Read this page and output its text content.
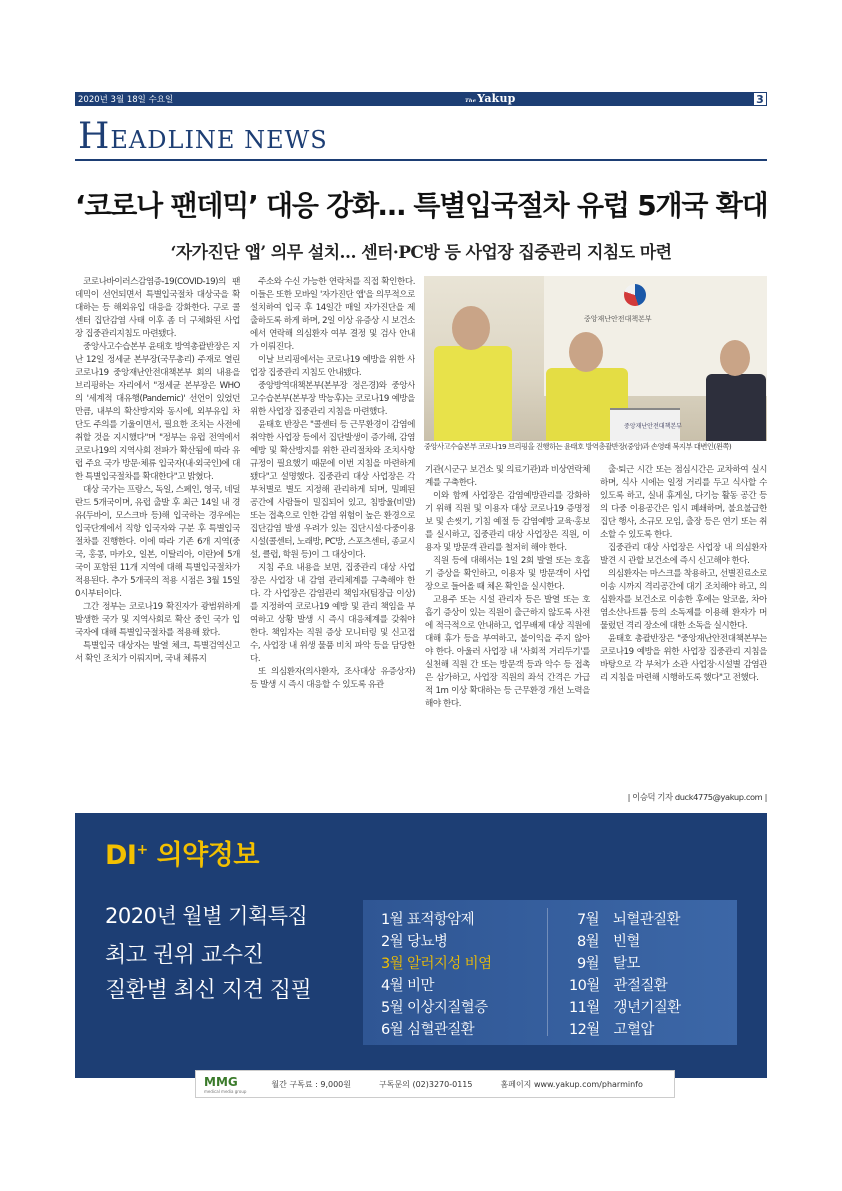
2020년 3월 18일 수요일	TheYakup	3
HEADLINE NEWS
‘코로나 팬데믹’ 대응 강화… 특별입국절차 유럽 5개국 확대
‘자가진단 앱’ 의무 설치… 센터·PC방 등 사업장 집중관리 지침도 마련

코로나바이러스감염증-19(COVID-19)의 팬데믹이 선언되면서 특별입국절차 대상국을 확대하는 등 해외유입 대응을 강화한다. 구로 콜센터 집단감염 사태 이후 좀 더 구체화된 사업장 집중관리지침도 마련됐다.

중앙사고수습본부 윤태호 방역총괄반장은 지난 12일 정세균 본부장(국무총리) 주재로 열린 코로나19 중앙재난안전대책본부 회의 내용을 브리핑하는 자리에서 "정세균 본부장은 WHO의 '세계적 대유행(Pandemic)' 선언이 있었던 만큼, 내부의 확산방지와 동시에, 외부유입 차단도 주의를 기울이면서, 필요한 조치는 사전에 취할 것을 지시했다"며 "정부는 유럽 전역에서 코로나19의 지역사회 전파가 확산됨에 따라 유럽 주요 국가 방문·체류 입국자(내·외국인)에 대한 특별입국절차를 확대한다"고 밝혔다.

대상 국가는 프랑스, 독일, 스페인, 영국, 네덜란드 5개국이며, 유럽 출발 후 최근 14일 내 경유(두바이, 모스크바 등)해 입국하는 경우에는 입국단계에서 직항 입국자와 구분 후 특별입국절차를 진행한다. 이에 따라 기존 6개 지역(중국, 홍콩, 마카오, 일본, 이탈리아, 이란)에 5개국이 포함된 11개 지역에 대해 특별입국절차가 적용된다. 추가 5개국의 적용 시점은 3월 15일 0시부터이다.

그간 정부는 코로나19 확진자가 광범위하게 발생한 국가 및 지역사회로 확산 중인 국가 입국자에 대해 특별입국절차를 적용해 왔다.

특별입국 대상자는 발열 체크, 특별검역신고서 확인 조치가 이뤄지며, 국내 체류지

주소와 수신 가능한 연락처를 직접 확인한다. 이들은 또한 모바일 '자가진단 앱'을 의무적으로 설치하여 입국 후 14일간 매일 자가진단을 제출하도록 하게 하며, 2일 이상 유증상 시 보건소에서 연락해 의심환자 여부 결정 및 검사 안내가 이뤄진다.

이날 브리핑에서는 코로나19 예방을 위한 사업장 집중관리 지침도 안내됐다.

중앙방역대책본부(본부장 정은경)와 중앙사고수습본부(본부장 박능후)는 코로나19 예방을 위한 사업장 집중관리 지침을 마련했다.

윤태호 반장은 "콜센터 등 근무환경이 감염에 취약한 사업장 등에서 집단발생이 증가해, 감염 예방 및 확산방지를 위한 관리절차와 조치사항 규정이 필요했기 때문에 이번 지침을 마련하게 됐다"고 설명했다. 집중관리 대상 사업장은 각 부처별로 별도 지정해 관리하게 되며, 밀폐된 공간에 사람들이 밀집되어 있고, 침방울(비말) 또는 접촉으로 인한 감염 위험이 높은 환경으로 집단감염 발생 우려가 있는 집단시설·다중이용시설(콜센터, 노래방, PC방, 스포츠센터, 종교시설, 클럽, 학원 등)이 그 대상이다.

지침 주요 내용을 보면, 집중관리 대상 사업장은 사업장 내 감염 관리체계를 구축해야 한다. 각 사업장은 감염관리 책임자(팀장급 이상)를 지정하여 코로나19 예방 및 관리 책임을 부여하고 상황 발생 시 즉시 대응체계를 갖춰야 한다. 책임자는 직원 증상 모니터링 및 신고접수, 사업장 내 위생 물품 비치 파악 등을 담당한다.

또 의심환자(의사환자, 조사대상 유증상자) 등 발생 시 즉시 대응할 수 있도록 유관

중앙재난안전대책본부
중앙재난안전대책본부
중앙사고수습본부 코로나19 브리핑을 진행하는 윤태호 방역총괄반장(중앙)과 손영래 복지부 대변인(왼쪽)

기관(시군구 보건소 및 의료기관)과 비상연락체계를 구축한다.

이와 함께 사업장은 감염예방관리를 강화하기 위해 직원 및 이용자 대상 코로나19 증명정보 및 손씻기, 기침 예절 등 감염예방 교육·홍보를 실시하고, 집중관리 대상 사업장은 직원, 이용자 및 방문객 관리를 철저히 해야 한다.

직원 등에 대해서는 1일 2회 발열 또는 호흡기 증상을 확인하고, 이용자 및 방문객이 사업장으로 들어올 때 체온 확인을 실시한다.

고용주 또는 시설 관리자 등은 발열 또는 호흡기 증상이 있는 직원이 출근하지 않도록 사전에 적극적으로 안내하고, 업무배제 대상 직원에 대해 휴가 등을 부여하고, 불이익을 주지 않아야 한다. 아울러 사업장 내 '사회적 거리두기'를 실천해 직원 간 또는 방문객 등과 악수 등 접촉은 삼가하고, 사업장 직원의 좌석 간격은 가급적 1m 이상 확대하는 등 근무환경 개선 노력을 해야 한다.

출·퇴근 시간 또는 점심시간은 교차하여 실시하며, 식사 시에는 일정 거리를 두고 식사할 수 있도록 하고, 실내 휴게실, 다기능 활동 공간 등의 다중 이용공간은 임시 폐쇄하며, 불요불급한 집단 행사, 소규모 모임, 출장 등은 연기 또는 취소할 수 있도록 한다.

집중관리 대상 사업장은 사업장 내 의심환자 발견 시 관할 보건소에 즉시 신고해야 한다.

의심환자는 마스크를 착용하고, 선별진료소로 이송 시까지 격리공간에 대기 조치해야 하고, 의심환자를 보건소로 이송한 후에는 알코올, 차아염소산나트륨 등의 소독제를 이용해 환자가 머물렀던 격리 장소에 대한 소독을 실시한다.

윤태호 총괄반장은 "중앙재난안전대책본부는 코로나19 예방을 위한 사업장 집중관리 지침을 바탕으로 각 부처가 소관 사업장·시설별 감염관리 지침을 마련해 시행하도록 했다"고 전했다.

| 이승덕 기자 duck4775@yakup.com |
DI+ 의약정보
2020년 월별 기획특집
최고 권위 교수진
질환별 최신 지견 집필
1월 표적항암제
2월 당뇨병
3월 알러지성 비염
4월 비만
5월 이상지질혈증
6월 심혈관질환
7월　뇌혈관질환
8월　빈혈
9월　탈모
10월　관절질환
11월　갱년기질환
12월　고혈압
MMG
medical media group
월간 구독료 : 9,000원	구독문의 (02)3270-0115	홈페이지 www.yakup.com/pharminfo
